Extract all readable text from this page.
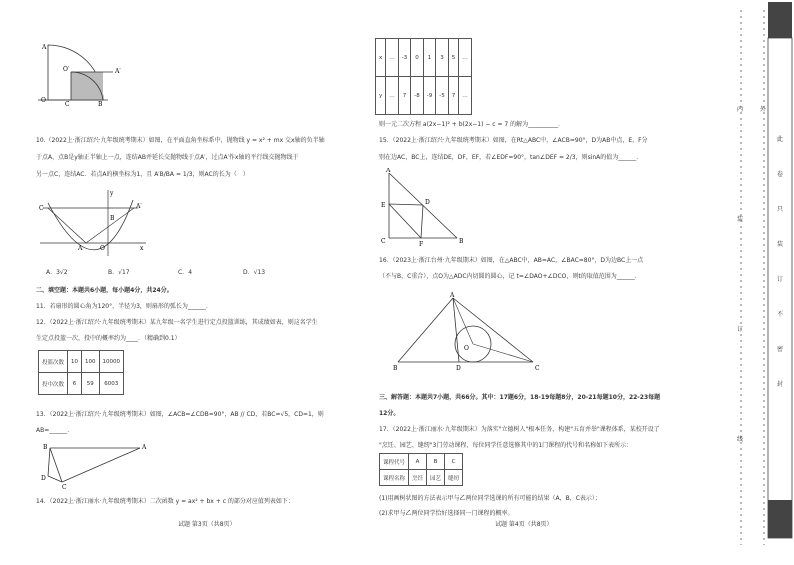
A
O′	A′
O
C	B
10.（2022上·浙江绍兴·九年级统考期末）如图，在平面直角坐标系中，抛物线 y = x² + mx 交x轴的负半轴
于点A，点B是y轴正半轴上一点，连结AB并延长交抛物线于点A′，过点A′作x轴的平行线交抛物线于
另一点C，连结AC．若点A的横坐标为1，且 A′B/BA = 1/3，则AC的长为（　）
y
C	A′
B
A	O	x
A．3√2	B．√17	C．4	D．√13
二、填空题：本题共6小题，每小题4分，共24分。
11．若扇形的圆心角为120°，半径为3，则扇形的弧长为______．
12．（2022上·浙江绍兴·九年级统考期末）某九年级一名学生进行定点投篮训练，其成绩如表，则这名学生
生定点投篮一次，投中的概率约为____．（精确到0.1）
投篮次数	10	100	10000
投中次数	6	59	6003
13．（2022上·浙江绍兴·九年级统考期末）如图，∠ACB=∠CDB=90°，AB // CD，若BC=√5，CD=1，则
AB=______．
B	A
D
C
14．（2022上·浙江丽水·九年级统考期末）二次函数 y = ax² + bx + c 的部分对应值列表如下：
试题 第3页（共8页）
x	…	-3	0	1	3	5	…
y	…	7	-8	-9	-5	7	…
则一元二次方程 a(2x−1)² + b(2x−1) − c = 7 的解为__________．
15．（2022上·浙江绍兴·九年级统考期末）如图，在Rt△ABC中，∠ACB=90°，D为AB中点，E，F分
别在边AC，BC上，连结DE，DF，EF，若∠EDF=90°，tan∠DEF = 2/3，则sinA的值为______．
A
E	D
C	F	B
16．（2023上·浙江台州·九年级期末）如图，在△ABC中，AB=AC，∠BAC=80°，D为边BC上一点
（不与B，C重合），点O为△ADC内切圆的圆心，记 t=∠DAO+∠DCO，则t的取值范围为______．
A
O
B	D	C
三、解答题：本题共7小题，共66分。其中：17题6分，18-19每题8分，20-21每题10分，22-23每题
12分。
17．（2022上·浙江丽水·九年级期末）为落实"立德树人"根本任务，构建"五育并举"课程体系，某校开设了
"烹饪、园艺、缝纫"3门劳动课程，每位同学任意选修其中的1门课程的代号和名称如下表所示：
课程代号	A	B	C
课程名称	烹饪	园艺	缝纫
(1)用画树状图的方法表示甲与乙两位同学选课的所有可能的结果（A，B，C表示）；
(2)求甲与乙两位同学恰好选择同一门课程的概率。
试题 第4页（共8页）
内	外
装
订
线
此
卷
只
装
订
不
密
封
